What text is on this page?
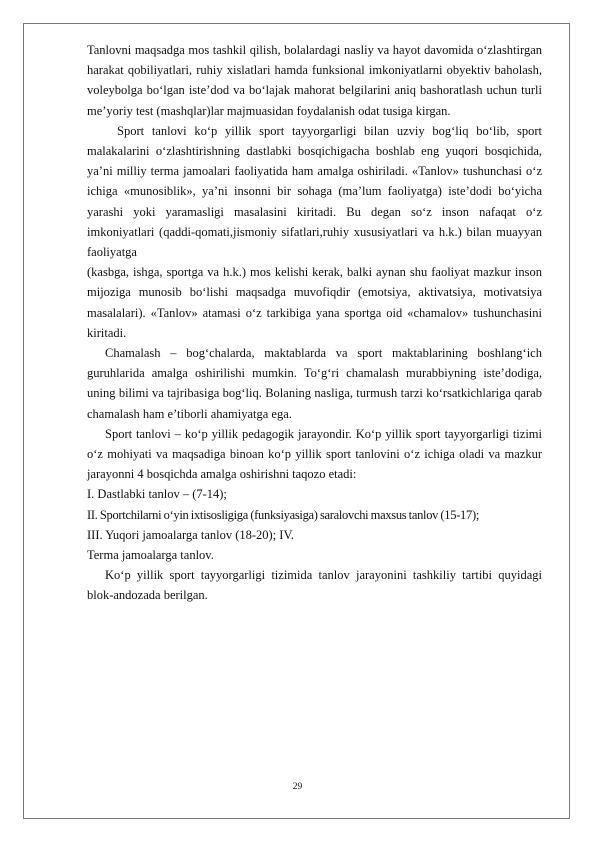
Tanlovni maqsadga mos tashkil qilish, bolalardagi nasliy va hayot davomida o‘zlashtirgan harakat qobiliyatlari, ruhiy xislatlari hamda funksional imkoniyatlarni obyektiv baholash, voleybolga bo‘lgan iste’dod va bo‘lajak mahorat belgilarini aniq bashoratlash uchun turli me’yoriy test (mashqlar)lar majmuasidan foydalanish odat tusiga kirgan.

Sport tanlovi ko‘p yillik sport tayyorgarligi bilan uzviy bog‘liq bo‘lib, sport malakalarini o‘zlashtirishning dastlabki bosqichigacha boshlab eng yuqori bosqichida, ya’ni milliy terma jamoalari faoliyatida ham amalga oshiriladi. «Tanlov» tushunchasi o‘z ichiga «munosiblik», ya’ni insonni bir sohaga (ma’lum faoliyatga) iste’dodi bo‘yicha yarashi yoki yaramasligi masalasini kiritadi. Bu degan so‘z inson nafaqat o‘z imkoniyatlari (qaddi-qomati,jismoniy sifatlari,ruhiy xususiyatlari va h.k.) bilan muayyan faoliyatga

(kasbga, ishga, sportga va h.k.) mos kelishi kerak, balki aynan shu faoliyat mazkur inson mijoziga munosib bo‘lishi maqsadga muvofiqdir (emotsiya, aktivatsiya, motivatsiya masalalari). «Tanlov» atamasi o‘z tarkibiga yana sportga oid «chamalov» tushunchasini kiritadi.

Chamalash – bog‘chalarda, maktablarda va sport maktablarining boshlang‘ich guruhlarida amalga oshirilishi mumkin. To‘g‘ri chamalash murabbiyning iste’dodiga, uning bilimi va tajribasiga bog‘liq. Bolaning nasliga, turmush tarzi ko‘rsatkichlariga qarab chamalash ham e’tiborli ahamiyatga ega.

Sport tanlovi – ko‘p yillik pedagogik jarayondir. Ko‘p yillik sport tayyorgarligi tizimi o‘z mohiyati va maqsadiga binoan ko‘p yillik sport tanlovini o‘z ichiga oladi va mazkur jarayonni 4 bosqichda amalga oshirishni taqozo etadi:

I. Dastlabki tanlov – (7-14);

II. Sportchilarni o‘yin ixtisosligiga (funksiyasiga) saralovchi maxsus tanlov (15-17);

III. Yuqori jamoalarga tanlov (18-20); IV.

Terma jamoalarga tanlov.

Ko‘p yillik sport tayyorgarligi tizimida tanlov jarayonini tashkiliy tartibi quyidagi blok-andozada berilgan.

29
